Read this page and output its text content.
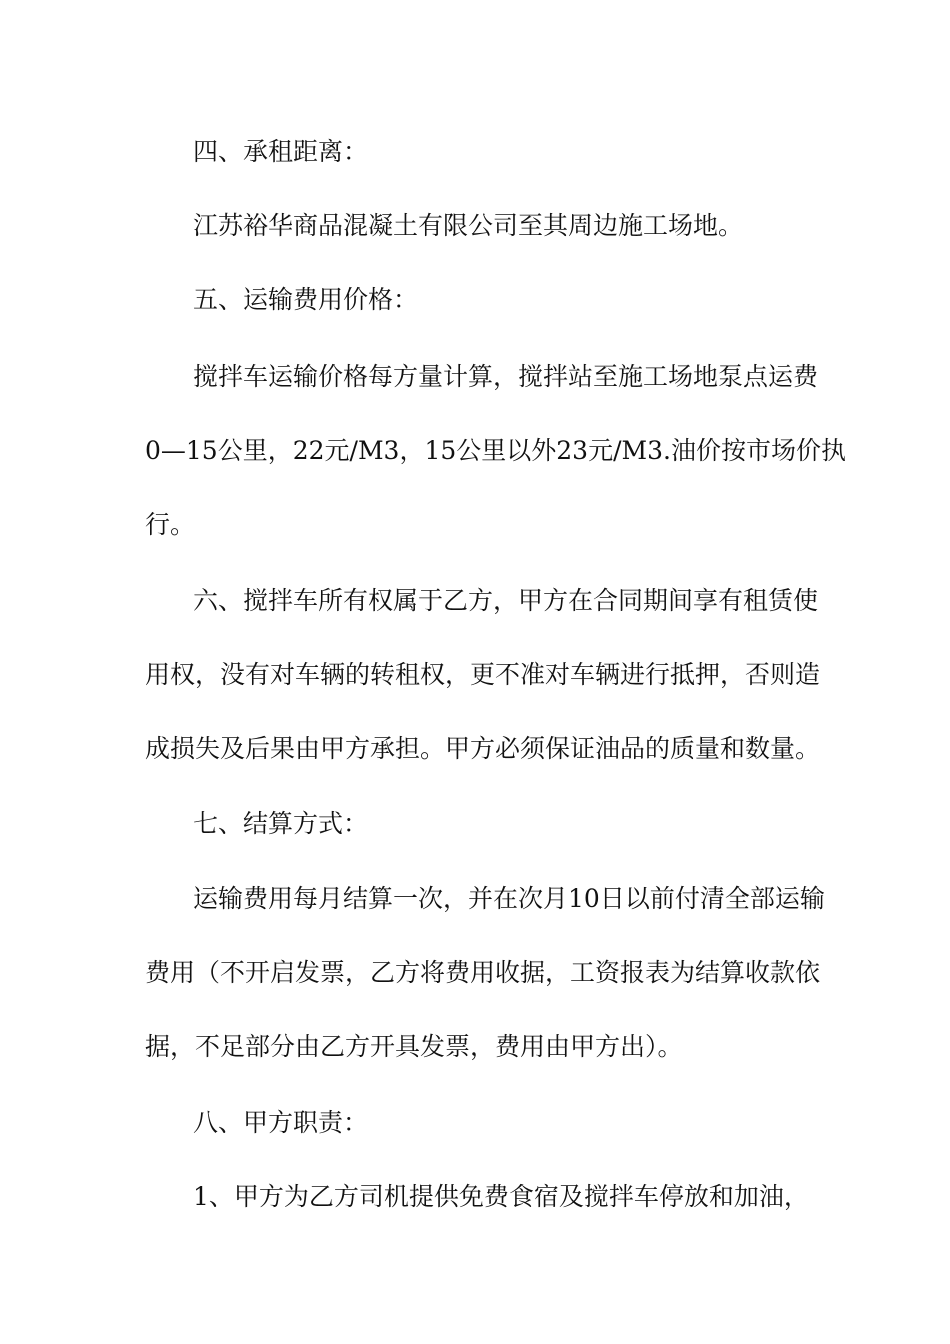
四、承租距离：
江苏裕华商品混凝土有限公司至其周边施工场地。
五、运输费用价格：
搅拌车运输价格每方量计算，搅拌站至施工场地泵点运费
0—15公里，22元/M3，15公里以外23元/M3.油价按市场价执
行。
六、搅拌车所有权属于乙方，甲方在合同期间享有租赁使
用权，没有对车辆的转租权，更不准对车辆进行抵押，否则造
成损失及后果由甲方承担。甲方必须保证油品的质量和数量。
七、结算方式：
运输费用每月结算一次，并在次月10日以前付清全部运输
费用（不开启发票，乙方将费用收据，工资报表为结算收款依
据，不足部分由乙方开具发票，费用由甲方出）。
八、甲方职责：
1、甲方为乙方司机提供免费食宿及搅拌车停放和加油，
